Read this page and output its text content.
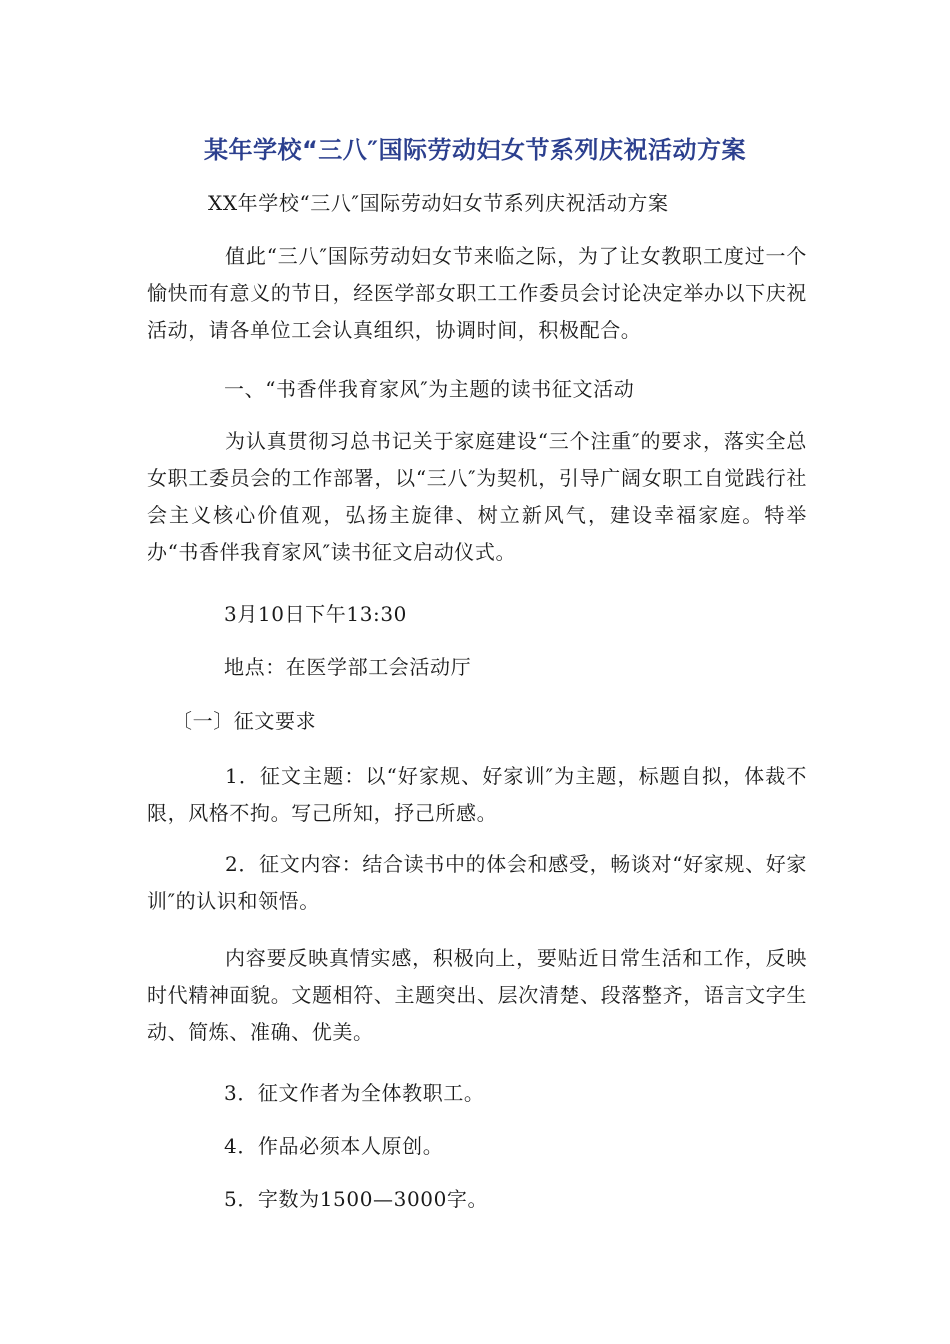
某年学校“三八″国际劳动妇女节系列庆祝活动方案
XX年学校“三八″国际劳动妇女节系列庆祝活动方案
值此“三八″国际劳动妇女节来临之际，为了让女教职工度过一个愉快而有意义的节日，经医学部女职工工作委员会讨论决定举办以下庆祝活动，请各单位工会认真组织，协调时间，积极配合。
一、“书香伴我育家风″为主题的读书征文活动
为认真贯彻习总书记关于家庭建设“三个注重″的要求，落实全总女职工委员会的工作部署，以“三八″为契机，引导广阔女职工自觉践行社会主义核心价值观，弘扬主旋律、树立新风气，建设幸福家庭。特举办“书香伴我育家风″读书征文启动仪式。
3月10日下午13:30
地点：在医学部工会活动厅
〔一〕征文要求
1．征文主题：以“好家规、好家训″为主题，标题自拟，体裁不限，风格不拘。写己所知，抒己所感。
2．征文内容：结合读书中的体会和感受，畅谈对“好家规、好家训″的认识和领悟。
内容要反映真情实感，积极向上，要贴近日常生活和工作，反映时代精神面貌。文题相符、主题突出、层次清楚、段落整齐，语言文字生动、简炼、准确、优美。
3．征文作者为全体教职工。
4．作品必须本人原创。
5．字数为1500—3000字。
